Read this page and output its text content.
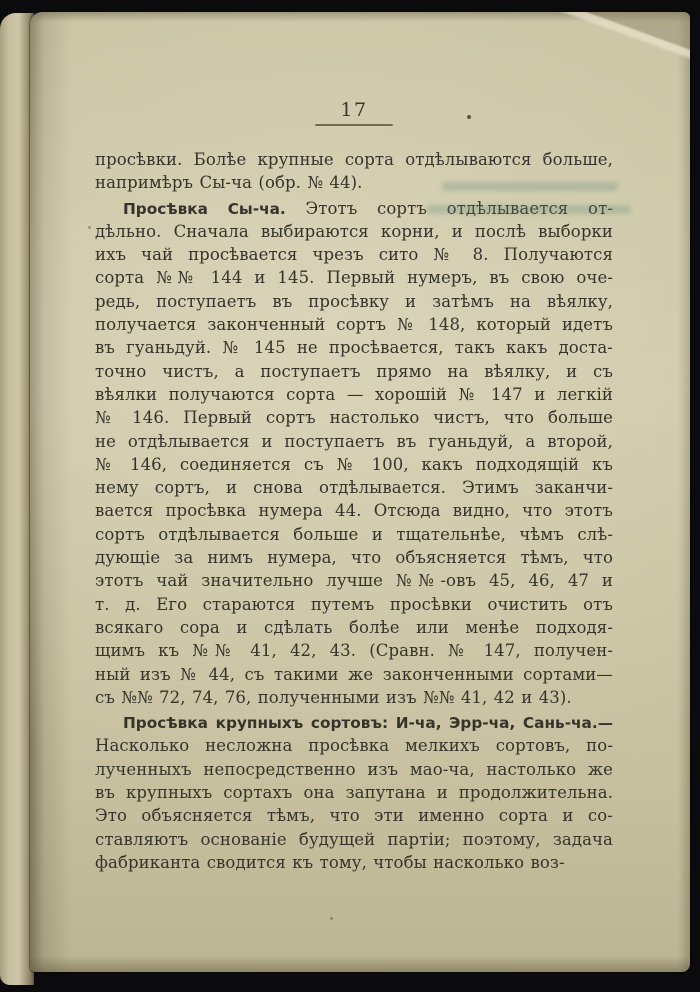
17
просѣвки. Болѣе крупные сорта отдѣлываются больше,
напримѣръ Сы-ча (обр. № 44).
Просѣвка Сы-ча. Этотъ сортъ отдѣлывается от-
дѣльно. Сначала выбираются корни, и послѣ выборки
ихъ чай просѣвается чрезъ сито № 8. Получаются
сорта №№ 144 и 145. Первый нумеръ, въ свою оче-
редь, поступаетъ въ просѣвку и затѣмъ на вѣялку,
получается законченный сортъ № 148, который идетъ
въ гуаньдуй. № 145 не просѣвается, такъ какъ доста-
точно чистъ, а поступаетъ прямо на вѣялку, и съ
вѣялки получаются сорта — хорошій № 147 и легкій
№ 146. Первый сортъ настолько чистъ, что больше
не отдѣлывается и поступаетъ въ гуаньдуй, а второй,
№ 146, соединяется съ № 100, какъ подходящій къ
нему сортъ, и снова отдѣлывается. Этимъ заканчи-
вается просѣвка нумера 44. Отсюда видно, что этотъ
сортъ отдѣлывается больше и тщательнѣе, чѣмъ слѣ-
дующіе за нимъ нумера, что объясняется тѣмъ, что
этотъ чай значительно лучше №№-овъ 45, 46, 47 и
т. д. Его стараются путемъ просѣвки очистить отъ
всякаго сора и сдѣлать болѣе или менѣе подходя-
щимъ къ №№ 41, 42, 43. (Сравн. № 147, получен-
ный изъ № 44, съ такими же законченными сортами—
съ №№ 72, 74, 76, полученными изъ №№ 41, 42 и 43).
Просѣвка крупныхъ сортовъ: И-ча, Эрр-ча, Сань-ча.—
Насколько несложна просѣвка мелкихъ сортовъ, по-
лученныхъ непосредственно изъ мао-ча, настолько же
въ крупныхъ сортахъ она запутана и продолжительна.
Это объясняется тѣмъ, что эти именно сорта и со-
ставляютъ основаніе будущей партіи; поэтому, задача
фабриканта сводится къ тому, чтобы насколько воз-
